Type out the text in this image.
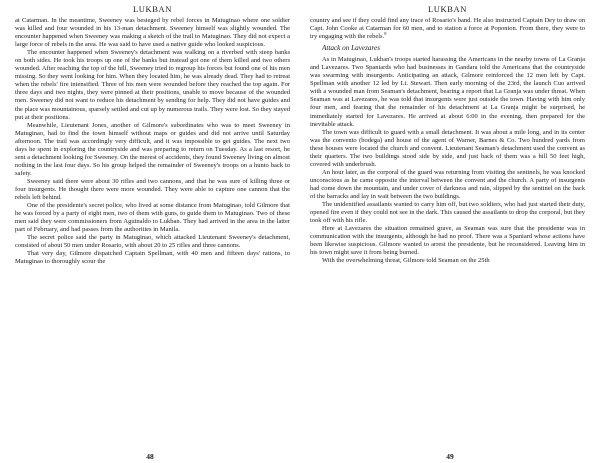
LUKBAN

at Catarman. In the meantime, Sweeney was besieged by rebel forces in Matuginao where one soldier was killed and four wounded in his 13-man detachment. Sweeney himself was slightly wounded. The encounter happened when Sweeney was making a sketch of the trail to Matuginao. They did not expect a large force of rebels in the area. He was said to have used a native guide who looked suspicious.

The encounter happened when Sweeney's detachment was walking on a riverbed with steep banks on both sides. He took his troops up one of the banks but instead got one of them killed and two others wounded. After reaching the top of the hill, Sweeney tried to regroup his forces but found one of his men missing. So they went looking for him. When they located him, he was already dead. They had to retreat when the rebels' fire intensified. Three of his men were wounded before they reached the top again. For three days and two nights, they were pinned at their positions, unable to move because of the wounded men. Sweeney did not want to reduce his detachment by sending for help. They did not have guides and the place was mountainous, sparsely settled and cut up by numerous trails. They were lost. So they stayed put at their positions.

Meanwhile, Lieutenant Jones, another of Gilmore's subordinates who was to meet Sweeney in Matuginao, had to find the town himself without maps or guides and did not arrive until Saturday afternoon. The trail was accordingly very difficult, and it was impossible to get guides. The next two days he spent in exploring the countryside and was preparing to return on Tuesday. As a last resort, he sent a detachment looking for Sweeney. On the merest of accidents, they found Sweeney living on almost nothing in the last four days. So his group helped the remainder of Sweeney's troops on a hunto back to safety.

Sweeney said there were about 30 rifles and two cannons, and that he was sure of killing three or four insurgents. He thought there were more wounded. They were able to capture one cannon that the rebels left behind.

One of the presidente's secret police, who lived at some distance from Matuginao, told Gilmore that he was forced by a party of eight men, two of them with guns, to guide them to Matuginao. Two of these men said they were commissioners from Aguinaldo to Lukban. They had arrived in the area in the latter part of February, and had passes from the authorities in Manila.

The secret police said the party in Matuginao, which attacked Lieutenant Sweeney's detachment, consisted of about 50 men under Rosario, with about 20 to 25 rifles and three cannons.

That very day, Gilmore dispatched Captain Spellman, with 40 men and fifteen days' rations, to Matuginao to thoroughly scour the

48
LUKBAN

country and see if they could find any trace of Rosario's band. He also instructed Captain Dey to draw on Capt. John Cooke at Catarman for 60 men, and to station a force at Poponton. From there, they were to try engaging with the rebels.$^8$

Attack on Lavezares

As in Matuginao, Lukban's troops started harassing the Americans in the nearby towns of La Granja and Lavezares. Two Spaniards who had businesses in Gandara told the Americans that the countryside was swarming with insurgents. Anticipating an attack, Gilmore reinforced the 12 men left by Capt. Spellman with another 12 led by Lt. Stewart. Then early morning of the 23rd, the launch Cuo arrived with a wounded man from Seaman's detachment, bearing a report that La Granja was under threat. When Seaman was at Lavezares, he was told that insurgents were just outside the town. Having with him only four men, and fearing that the remainder of his detachment at La Granja might be surprised, he immediately started for Lavezares. He arrived at about 6:00 in the evening, then prepared for the inevitable attack.

The town was difficult to guard with a small detachment. It was about a mile long, and in its center was the convento (bodega) and house of the agent of Warner, Barnes & Co. Two hundred yards from these houses were located the church and convent. Lieutenant Seaman's detachment used the convent as their quarters. The two buildings stood side by side, and just back of them was a hill 50 feet high, covered with underbrush.

An hour later, as the corporal of the guard was returning from visiting the sentinels, he was knocked unconscious as he came opposite the interval between the convent and the church. A party of insurgents had come down the mountain, and under cover of darkness and rain, slipped by the sentinel on the back of the barracks and lay in wait between the two buildings.

The unidentified assailants wanted to carry him off, but two soldiers, who had just started their duty, opened fire even if they could not see in the dark. This caused the assailants to drop the corporal, but they took off with his rifle.

Here at Lavezares the situation remained grave, as Seaman was sure that the presidente was in communication with the insurgents, although he had no proof. There was a Spaniard whose actions have been likewise suspicious. Gilmore wanted to arrest the presidente, but he reconsidered. Leaving him in his town might save it from being burned.

With the overwhelming threat, Gilmore told Seaman on the 25th

49
